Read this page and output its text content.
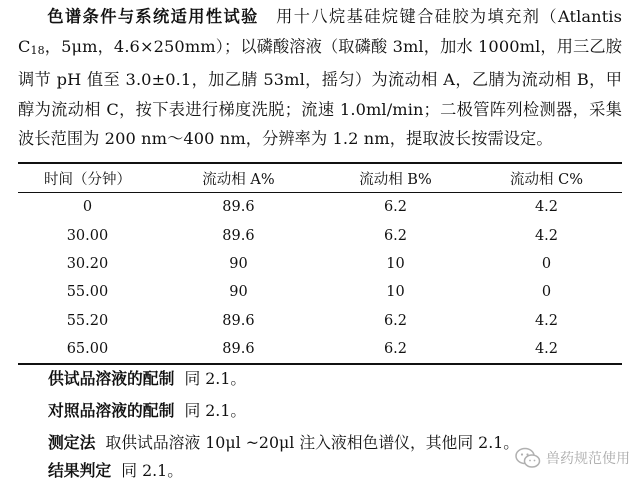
色谱条件与系统适用性试验 用十八烷基硅烷键合硅胶为填充剂（Atlantis $C_{18}$，5μm，4.6×250mm）；以磷酸溶液（取磷酸 3ml，加水 1000ml，用三乙胺调节 pH 值至 3.0±0.1，加乙腈 53ml，摇匀）为流动相 A，乙腈为流动相 B，甲醇为流动相 C，按下表进行梯度洗脱；流速 1.0ml/min；二极管阵列检测器，采集波长范围为 200 nm～400 nm，分辨率为 1.2 nm，提取波长按需设定。
时间（分钟）	流动相 A%	流动相 B%	流动相 C%
0	89.6	6.2	4.2
30.00	89.6	6.2	4.2
30.20	90	10	0
55.00	90	10	0
55.20	89.6	6.2	4.2
65.00	89.6	6.2	4.2
供试品溶液的配制 同 2.1。
对照品溶液的配制 同 2.1。
测定法 取供试品溶液 10μl ~20μl 注入液相色谱仪，其他同 2.1。
结果判定 同 2.1。
兽药规范使用
